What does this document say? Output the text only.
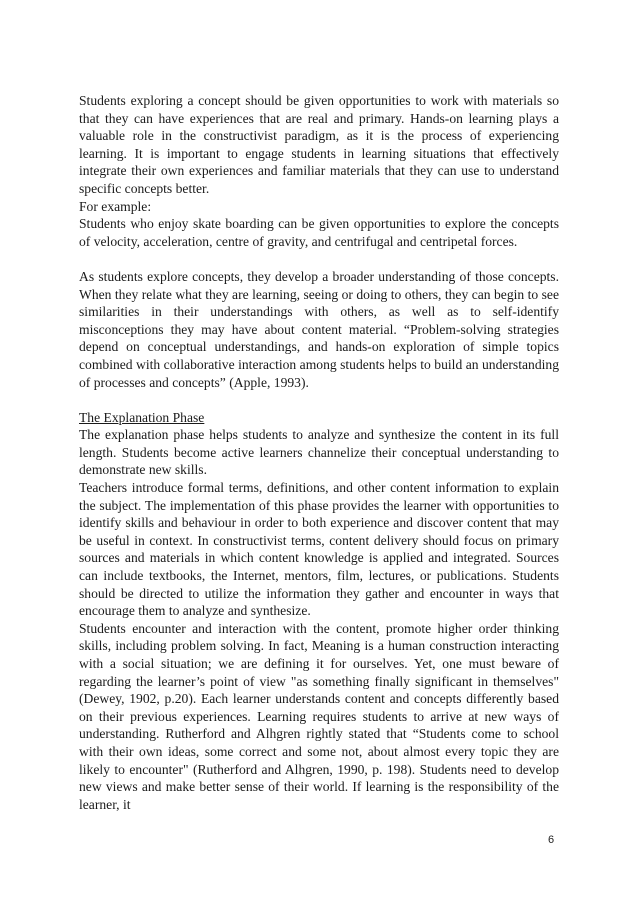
Students exploring a concept should be given opportunities to work with materials so that they can have experiences that are real and primary. Hands-on learning plays a valuable role in the constructivist paradigm, as it is the process of experiencing learning. It is important to engage students in learning situations that effectively integrate their own experiences and familiar materials that they can use to understand specific concepts better.

For example:

Students who enjoy skate boarding can be given opportunities to explore the concepts of velocity, acceleration, centre of gravity, and centrifugal and centripetal forces.

As students explore concepts, they develop a broader understanding of those concepts. When they relate what they are learning, seeing or doing to others, they can begin to see similarities in their understandings with others, as well as to self-identify misconceptions they may have about content material. “Problem-solving strategies depend on conceptual understandings, and hands-on exploration of simple topics combined with collaborative interaction among students helps to build an understanding of processes and concepts” (Apple, 1993).

The Explanation Phase

The explanation phase helps students to analyze and synthesize the content in its full length. Students become active learners channelize their conceptual understanding to demonstrate new skills.

Teachers introduce formal terms, definitions, and other content information to explain the subject. The implementation of this phase provides the learner with opportunities to identify skills and behaviour in order to both experience and discover content that may be useful in context. In constructivist terms, content delivery should focus on primary sources and materials in which content knowledge is applied and integrated. Sources can include textbooks, the Internet, mentors, film, lectures, or publications. Students should be directed to utilize the information they gather and encounter in ways that encourage them to analyze and synthesize.

Students encounter and interaction with the content, promote higher order thinking skills, including problem solving. In fact, Meaning is a human construction interacting with a social situation; we are defining it for ourselves. Yet, one must beware of regarding the learner’s point of view "as something finally significant in themselves" (Dewey, 1902, p.20). Each learner understands content and concepts differently based on their previous experiences. Learning requires students to arrive at new ways of understanding. Rutherford and Alhgren rightly stated that “Students come to school with their own ideas, some correct and some not, about almost every topic they are likely to encounter" (Rutherford and Alhgren, 1990, p. 198). Students need to develop new views and make better sense of their world. If learning is the responsibility of the learner, it

6
